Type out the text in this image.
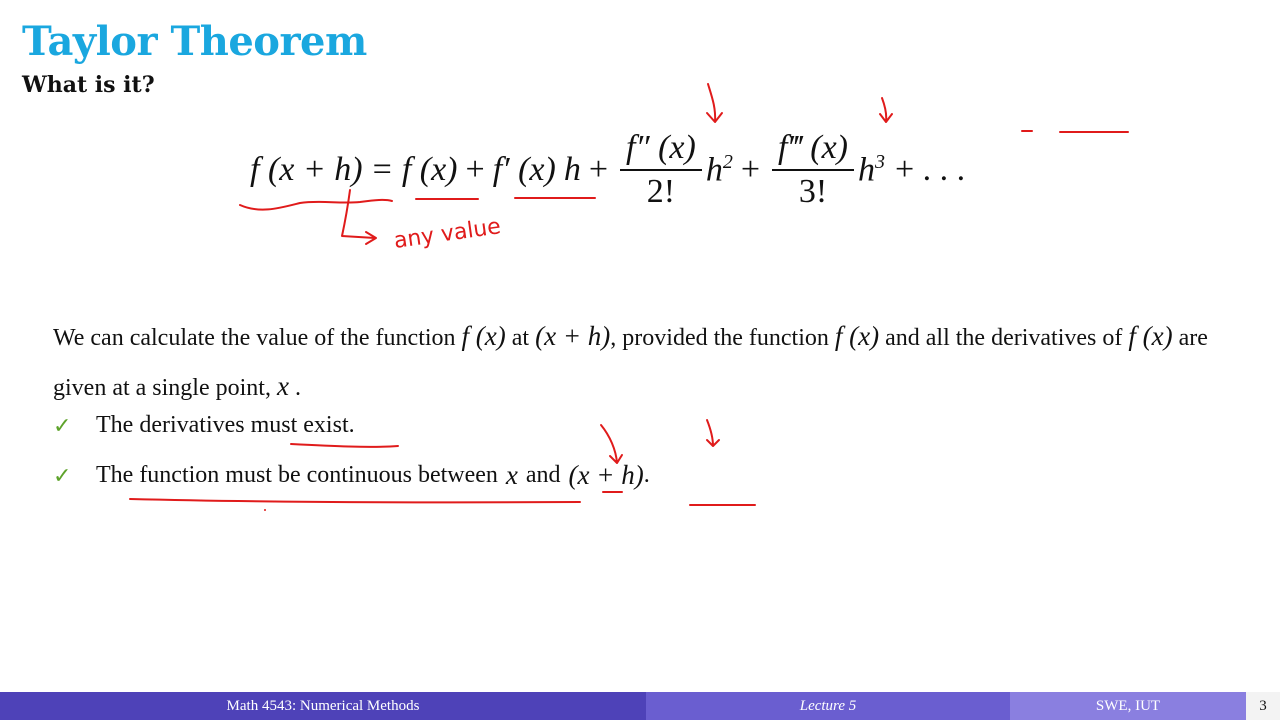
Taylor Theorem
What is it?
f (x + h) = f (x) + f′ (x) $h + \frac{f'' (x)}{2!} h^2 + \frac{f‴ (x)}{3!} h^3$ + . . .
We can calculate the value of the function f (x) at (x + h), provided the function f (x) and all the derivatives of f (x) are given at a single point, x .
✓	The derivatives must exist.
✓	The function must be continuous between x and (x + h) .
any value
Math 4543: Numerical Methods	Lecture 5	SWE, IUT	3
